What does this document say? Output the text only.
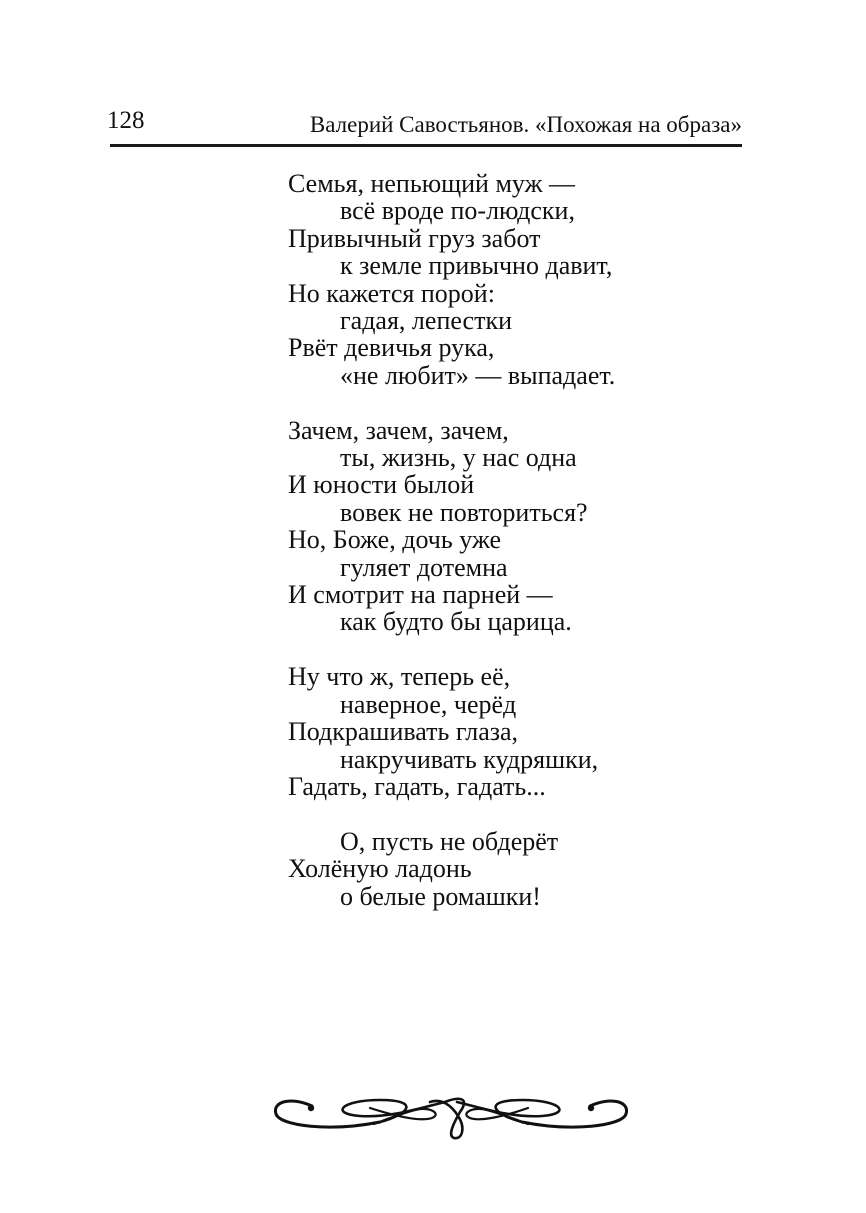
128	Валерий Савостьянов. «Похожая на образа»
Семья, непьющий муж —
всё вроде по-людски,
Привычный груз забот
к земле привычно давит,
Но кажется порой:
гадая, лепестки
Рвёт девичья рука,
«не любит» — выпадает.
Зачем, зачем, зачем,
ты, жизнь, у нас одна
И юности былой
вовек не повториться?
Но, Боже, дочь уже
гуляет дотемна
И смотрит на парней —
как будто бы царица.
Ну что ж, теперь её,
наверное, черёд
Подкрашивать глаза,
накручивать кудряшки,
Гадать, гадать, гадать...
О, пусть не обдерёт
Холёную ладонь
о белые ромашки!
